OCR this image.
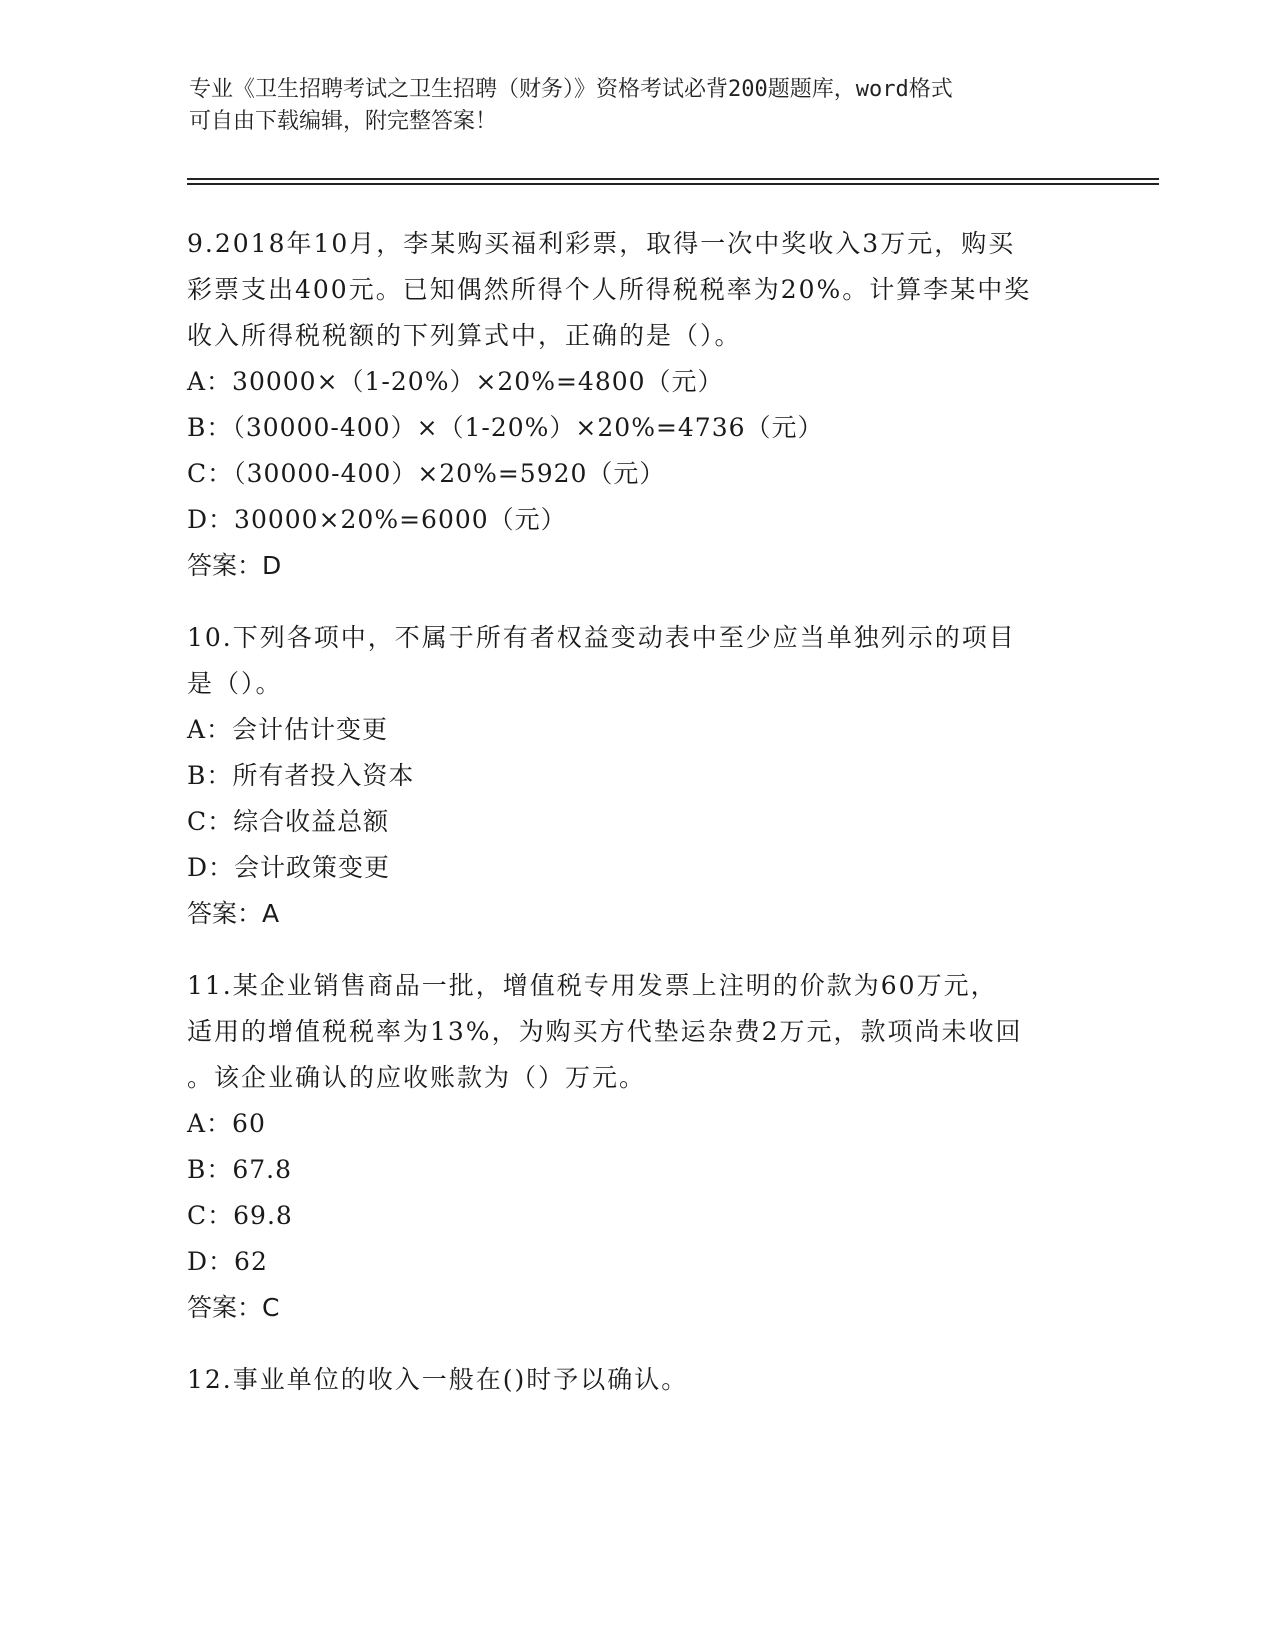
专业《卫生招聘考试之卫生招聘（财务）》资格考试必背200题题库，word格式
可自由下载编辑，附完整答案！
9.2018年10月，李某购买福利彩票，取得一次中奖收入3万元，购买
彩票支出400元。已知偶然所得个人所得税税率为20%。计算李某中奖
收入所得税税额的下列算式中，正确的是（）。
A：30000×（1-20%）×20%=4800（元）
B：（30000-400）×（1-20%）×20%=4736（元）
C：（30000-400）×20%=5920（元）
D：30000×20%=6000（元）
答案：D
10.下列各项中，不属于所有者权益变动表中至少应当单独列示的项目
是（）。
A：会计估计变更
B：所有者投入资本
C：综合收益总额
D：会计政策变更
答案：A
11.某企业销售商品一批，增值税专用发票上注明的价款为60万元，
适用的增值税税率为13%，为购买方代垫运杂费2万元，款项尚未收回
。该企业确认的应收账款为（）万元。
A：60
B：67.8
C：69.8
D：62
答案：C
12.事业单位的收入一般在()时予以确认。
